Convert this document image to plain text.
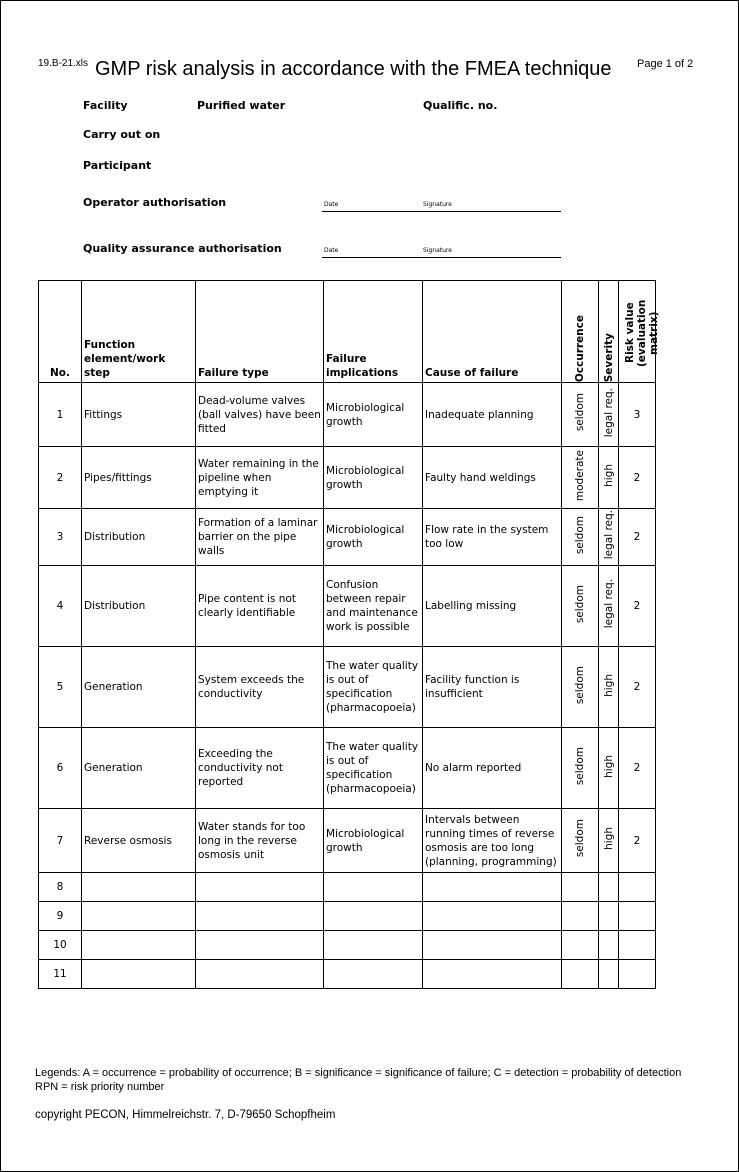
19.B-21.xls GMP risk analysis in accordance with the FMEA technique Page 1 of 2
Facility	Purified water	Qualific. no.
Carry out on
Participant
Operator authorisation	Date	Signature
Quality assurance authorisation	Date	Signature
No.	Function element/work step	Failure type	Failure implications	Cause of failure	Occurrence	Severity	Risk value (evaluation matrix)

1	Fittings	Dead-volume valves (ball valves) have been fitted	Microbiological growth	Inadequate planning	seldom	legal req.	3
2	Pipes/fittings	Water remaining in the pipeline when emptying it	Microbiological growth	Faulty hand weldings	moderate	high	2
3	Distribution	Formation of a laminar barrier on the pipe walls	Microbiological growth	Flow rate in the system too low	seldom	legal req.	2
4	Distribution	Pipe content is not clearly identifiable	Confusion between repair and maintenance work is possible	Labelling missing	seldom	legal req.	2
5	Generation	System exceeds the conductivity	The water quality is out of specification (pharmacopoeia)	Facility function is insufficient	seldom	high	2
6	Generation	Exceeding the conductivity not reported	The water quality is out of specification (pharmacopoeia)	No alarm reported	seldom	high	2
7	Reverse osmosis	Water stands for too long in the reverse osmosis unit	Microbiological growth	Intervals between running times of reverse osmosis are too long (planning, programming)	seldom	high	2
8							
9							
10							
11							
Legends: A = occurrence = probability of occurrence; B = significance = significance of failure; C = detection = probability of detection
RPN = risk priority number
copyright PECON, Himmelreichstr. 7, D-79650 Schopfheim
